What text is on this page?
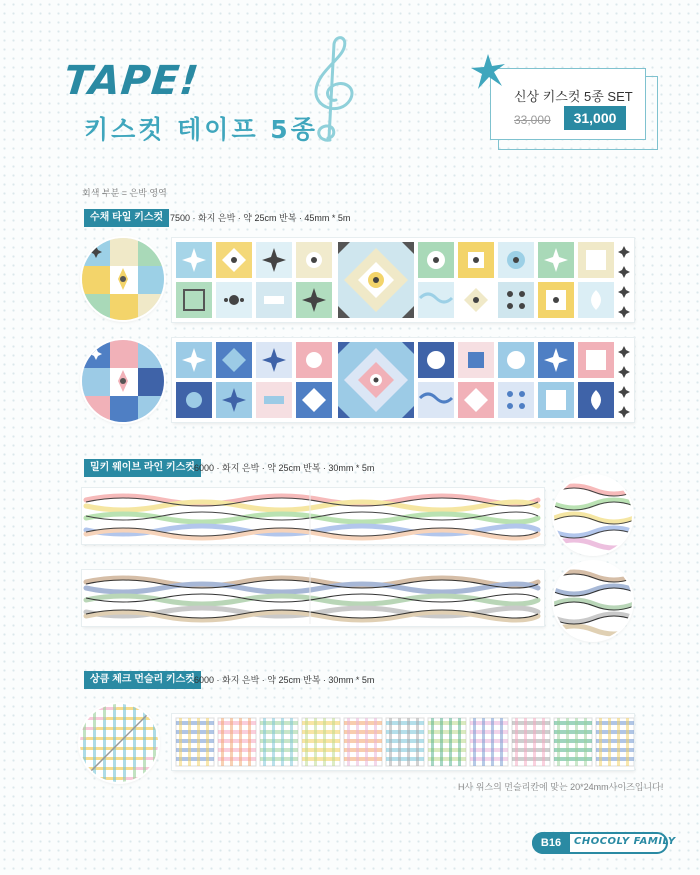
TAPE!
키스컷 테이프 5종
신상 키스컷 5종 SET
33,000	31,000
회색 부분 = 은박 영역
수채 타일 키스컷 7500 · 화지 은박 · 약 25cm 반복 · 45mm * 5m
밀키 웨이브 라인 키스컷 6000 · 화지 은박 · 약 25cm 반복 · 30mm * 5m
상큼 체크 먼슬리 키스컷 6000 · 화지 은박 · 약 25cm 반복 · 30mm * 5m
H사 위스의 먼슬리칸에 맞는 20*24mm사이즈입니다!
B16	CHOCOLY FAMILY
